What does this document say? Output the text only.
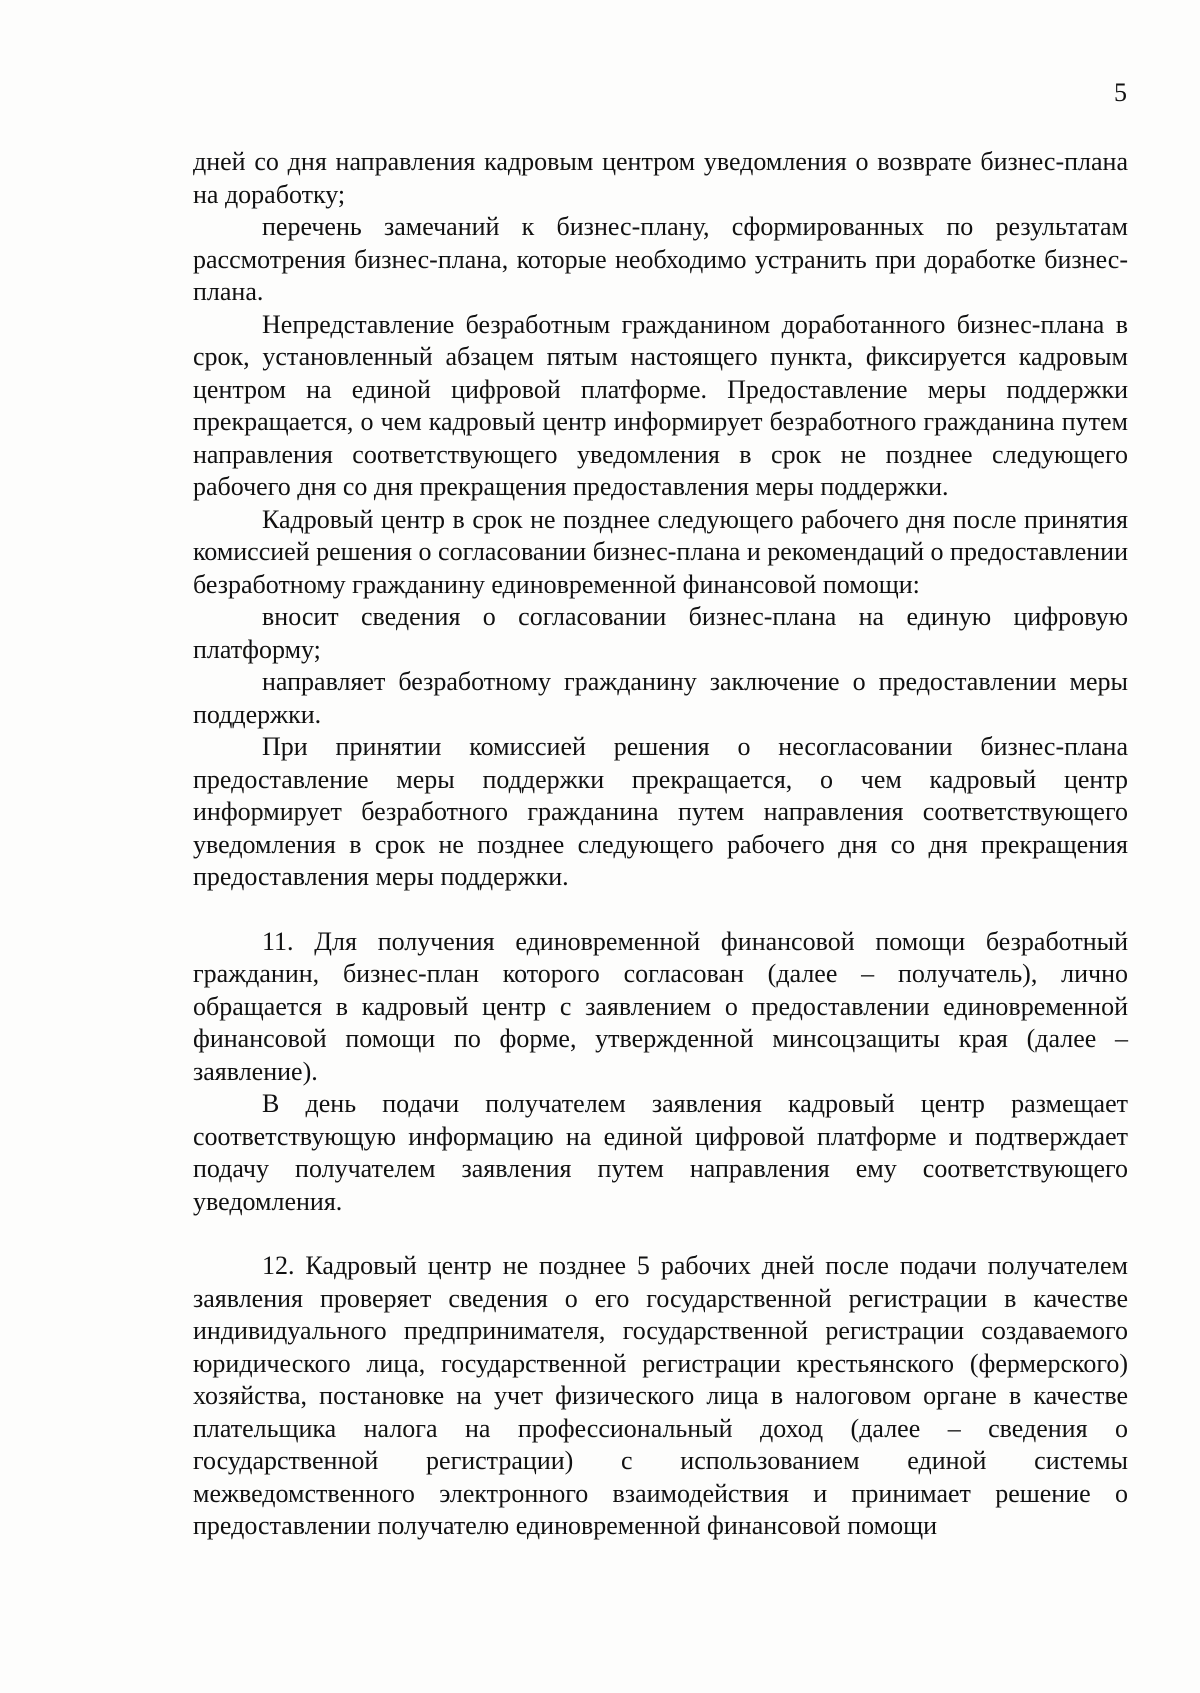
5

дней со дня направления кадровым центром уведомления о возврате бизнес-плана на доработку;

перечень замечаний к бизнес-плану, сформированных по результатам рассмотрения бизнес-плана, которые необходимо устранить при доработке бизнес-плана.

Непредставление безработным гражданином доработанного бизнес-плана в срок, установленный абзацем пятым настоящего пункта, фиксируется кадровым центром на единой цифровой платформе. Предоставление меры поддержки прекращается, о чем кадровый центр информирует безработного гражданина путем направления соответствующего уведомления в срок не позднее следующего рабочего дня со дня прекращения предоставления меры поддержки.

Кадровый центр в срок не позднее следующего рабочего дня после принятия комиссией решения о согласовании бизнес-плана и рекомендаций о предоставлении безработному гражданину единовременной финансовой помощи:

вносит сведения о согласовании бизнес-плана на единую цифровую платформу;

направляет безработному гражданину заключение о предоставлении меры поддержки.

При принятии комиссией решения о несогласовании бизнес-плана предоставление меры поддержки прекращается, о чем кадровый центр информирует безработного гражданина путем направления соответствующего уведомления в срок не позднее следующего рабочего дня со дня прекращения предоставления меры поддержки.

11. Для получения единовременной финансовой помощи безработный гражданин, бизнес-план которого согласован (далее – получатель), лично обращается в кадровый центр с заявлением о предоставлении единовременной финансовой помощи по форме, утвержденной минсоцзащиты края (далее – заявление).

В день подачи получателем заявления кадровый центр размещает соответствующую информацию на единой цифровой платформе и подтверждает подачу получателем заявления путем направления ему соответствующего уведомления.

12. Кадровый центр не позднее 5 рабочих дней после подачи получателем заявления проверяет сведения о его государственной регистрации в качестве индивидуального предпринимателя, государственной регистрации создаваемого юридического лица, государственной регистрации крестьянского (фермерского) хозяйства, постановке на учет физического лица в налоговом органе в качестве плательщика налога на профессиональный доход (далее – сведения о государственной регистрации) с использованием единой системы межведомственного электронного взаимодействия и принимает решение о предоставлении получателю единовременной финансовой помощи
